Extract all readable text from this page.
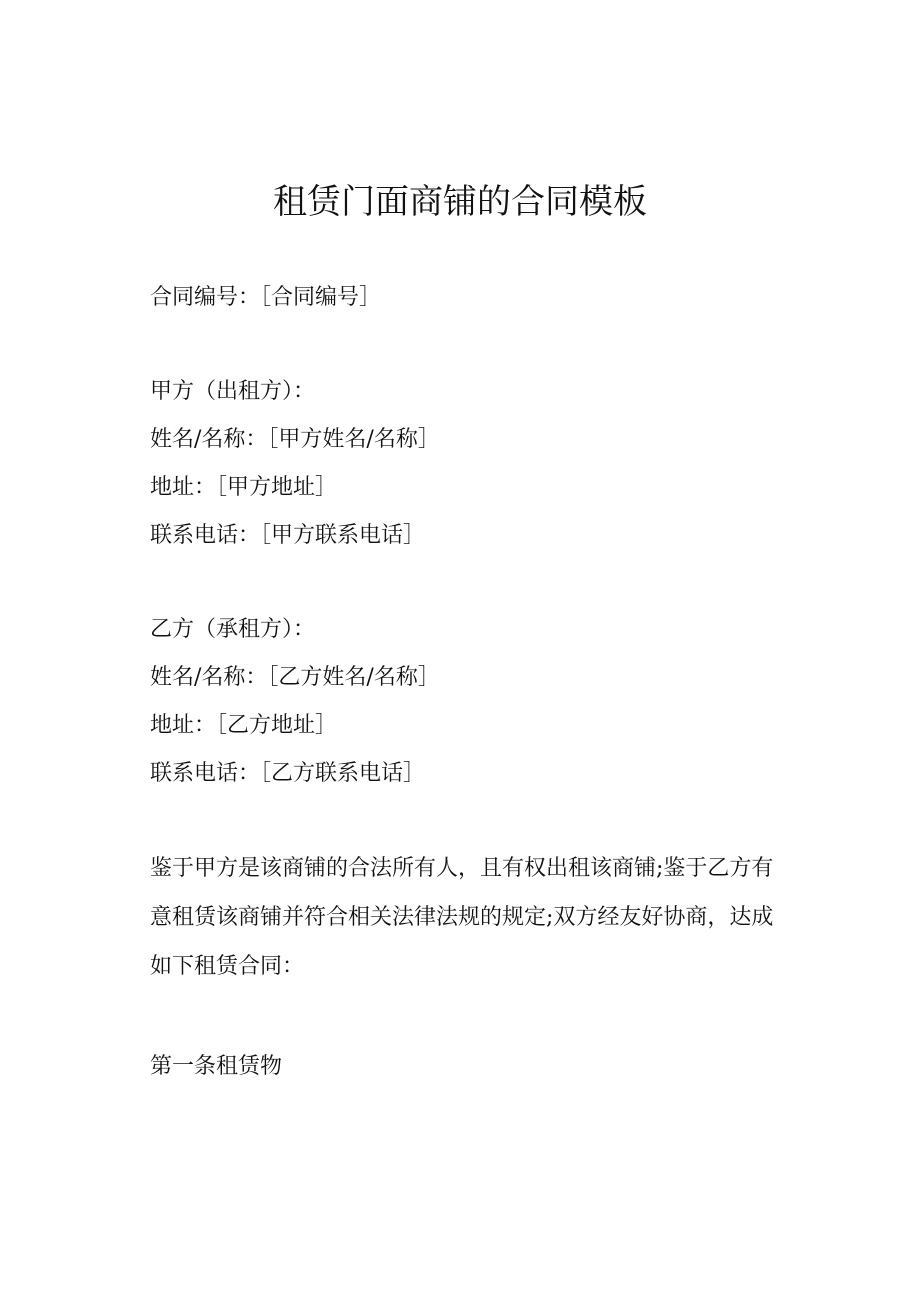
租赁门面商铺的合同模板

合同编号：［合同编号］

甲方（出租方）：

姓名/名称：［甲方姓名/名称］

地址：［甲方地址］

联系电话：［甲方联系电话］

乙方（承租方）：

姓名/名称：［乙方姓名/名称］

地址：［乙方地址］

联系电话：［乙方联系电话］

鉴于甲方是该商铺的合法所有人，且有权出租该商铺;鉴于乙方有

意租赁该商铺并符合相关法律法规的规定;双方经友好协商，达成

如下租赁合同：

第一条租赁物
